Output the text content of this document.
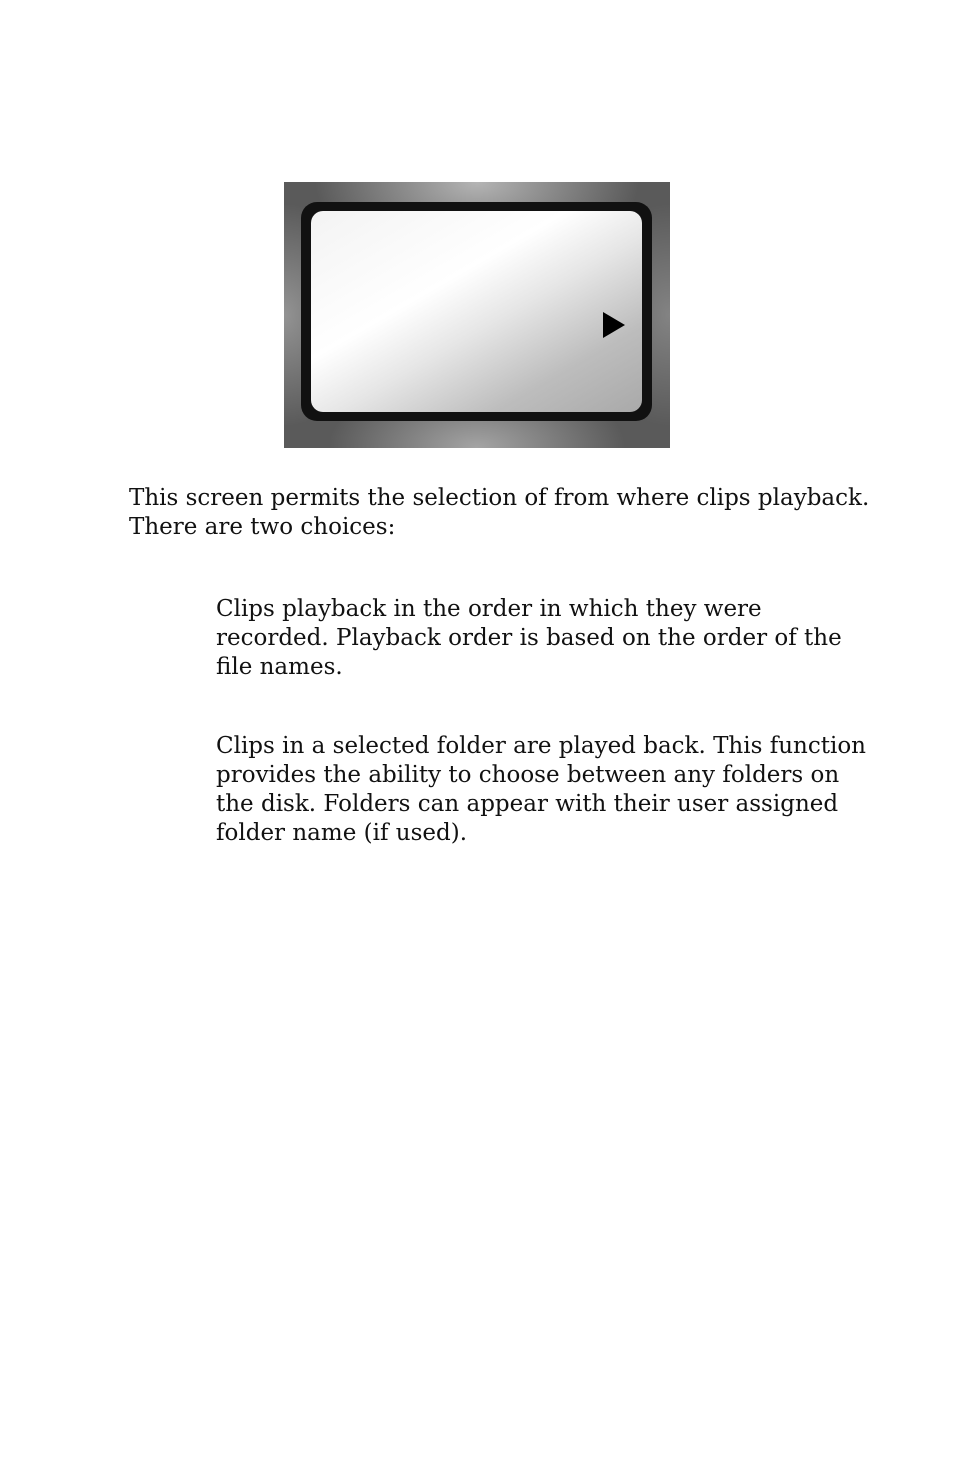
This screen permits the selection of from where clips playback.
There are two choices:

Clips playback in the order in which they were
recorded. Playback order is based on the order of the
file names.

Clips in a selected folder are played back. This function
provides the ability to choose between any folders on
the disk. Folders can appear with their user assigned
folder name (if used).
